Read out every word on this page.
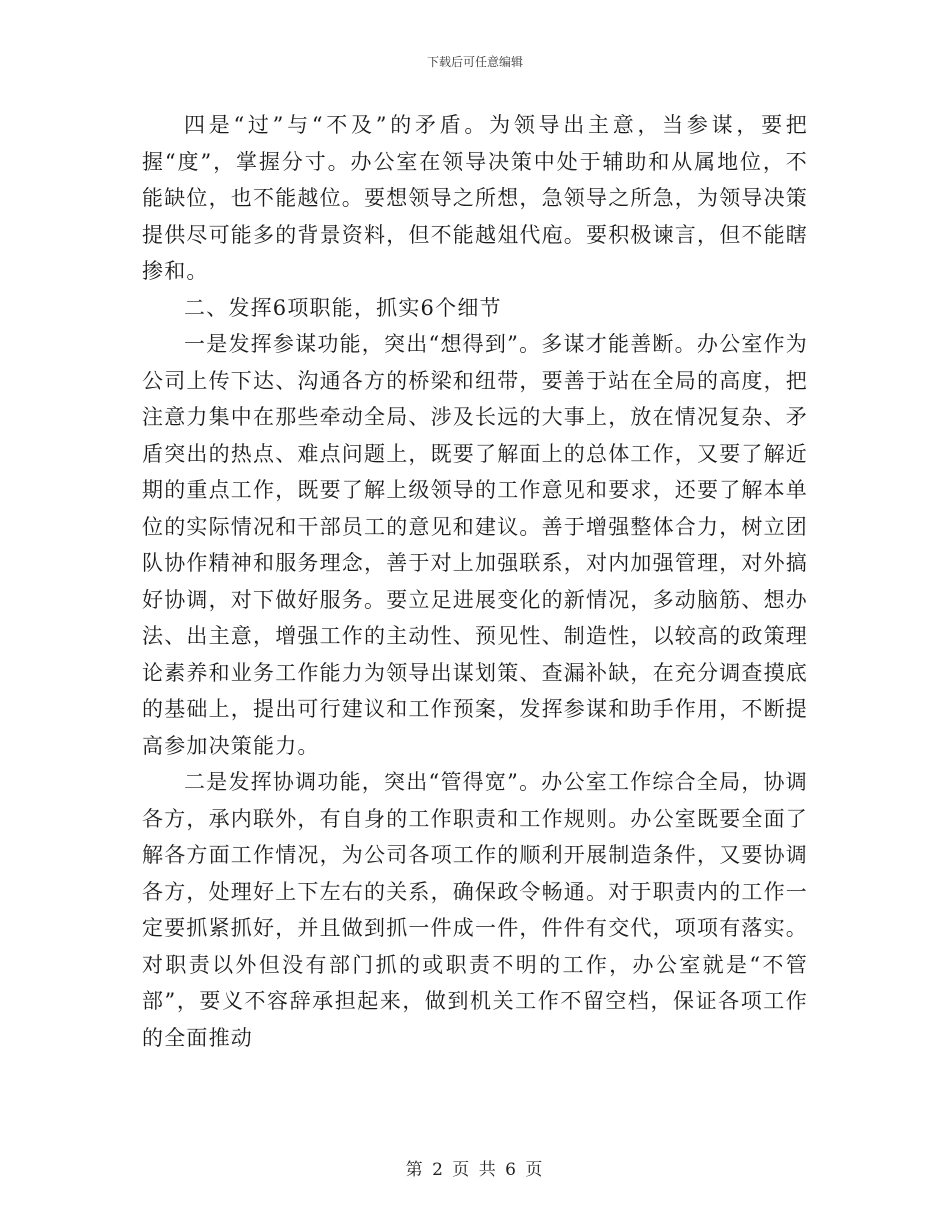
下载后可任意编辑

四是“过”与“不及”的矛盾。为领导出主意，当参谋，要把握“度”，掌握分寸。办公室在领导决策中处于辅助和从属地位，不能缺位，也不能越位。要想领导之所想，急领导之所急，为领导决策提供尽可能多的背景资料，但不能越俎代庖。要积极谏言，但不能瞎掺和。

二、发挥6项职能，抓实6个细节

一是发挥参谋功能，突出“想得到”。多谋才能善断。办公室作为公司上传下达、沟通各方的桥梁和纽带，要善于站在全局的高度，把注意力集中在那些牵动全局、涉及长远的大事上，放在情况复杂、矛盾突出的热点、难点问题上，既要了解面上的总体工作，又要了解近期的重点工作，既要了解上级领导的工作意见和要求，还要了解本单位的实际情况和干部员工的意见和建议。善于增强整体合力，树立团队协作精神和服务理念，善于对上加强联系，对内加强管理，对外搞好协调，对下做好服务。要立足进展变化的新情况，多动脑筋、想办法、出主意，增强工作的主动性、预见性、制造性，以较高的政策理论素养和业务工作能力为领导出谋划策、查漏补缺，在充分调查摸底的基础上，提出可行建议和工作预案，发挥参谋和助手作用，不断提高参加决策能力。

二是发挥协调功能，突出“管得宽”。办公室工作综合全局，协调各方，承内联外，有自身的工作职责和工作规则。办公室既要全面了解各方面工作情况，为公司各项工作的顺利开展制造条件，又要协调各方，处理好上下左右的关系，确保政令畅通。对于职责内的工作一定要抓紧抓好，并且做到抓一件成一件，件件有交代，项项有落实。对职责以外但没有部门抓的或职责不明的工作，办公室就是“不管部”，要义不容辞承担起来，做到机关工作不留空档，保证各项工作的全面推动

第 2 页 共 6 页
